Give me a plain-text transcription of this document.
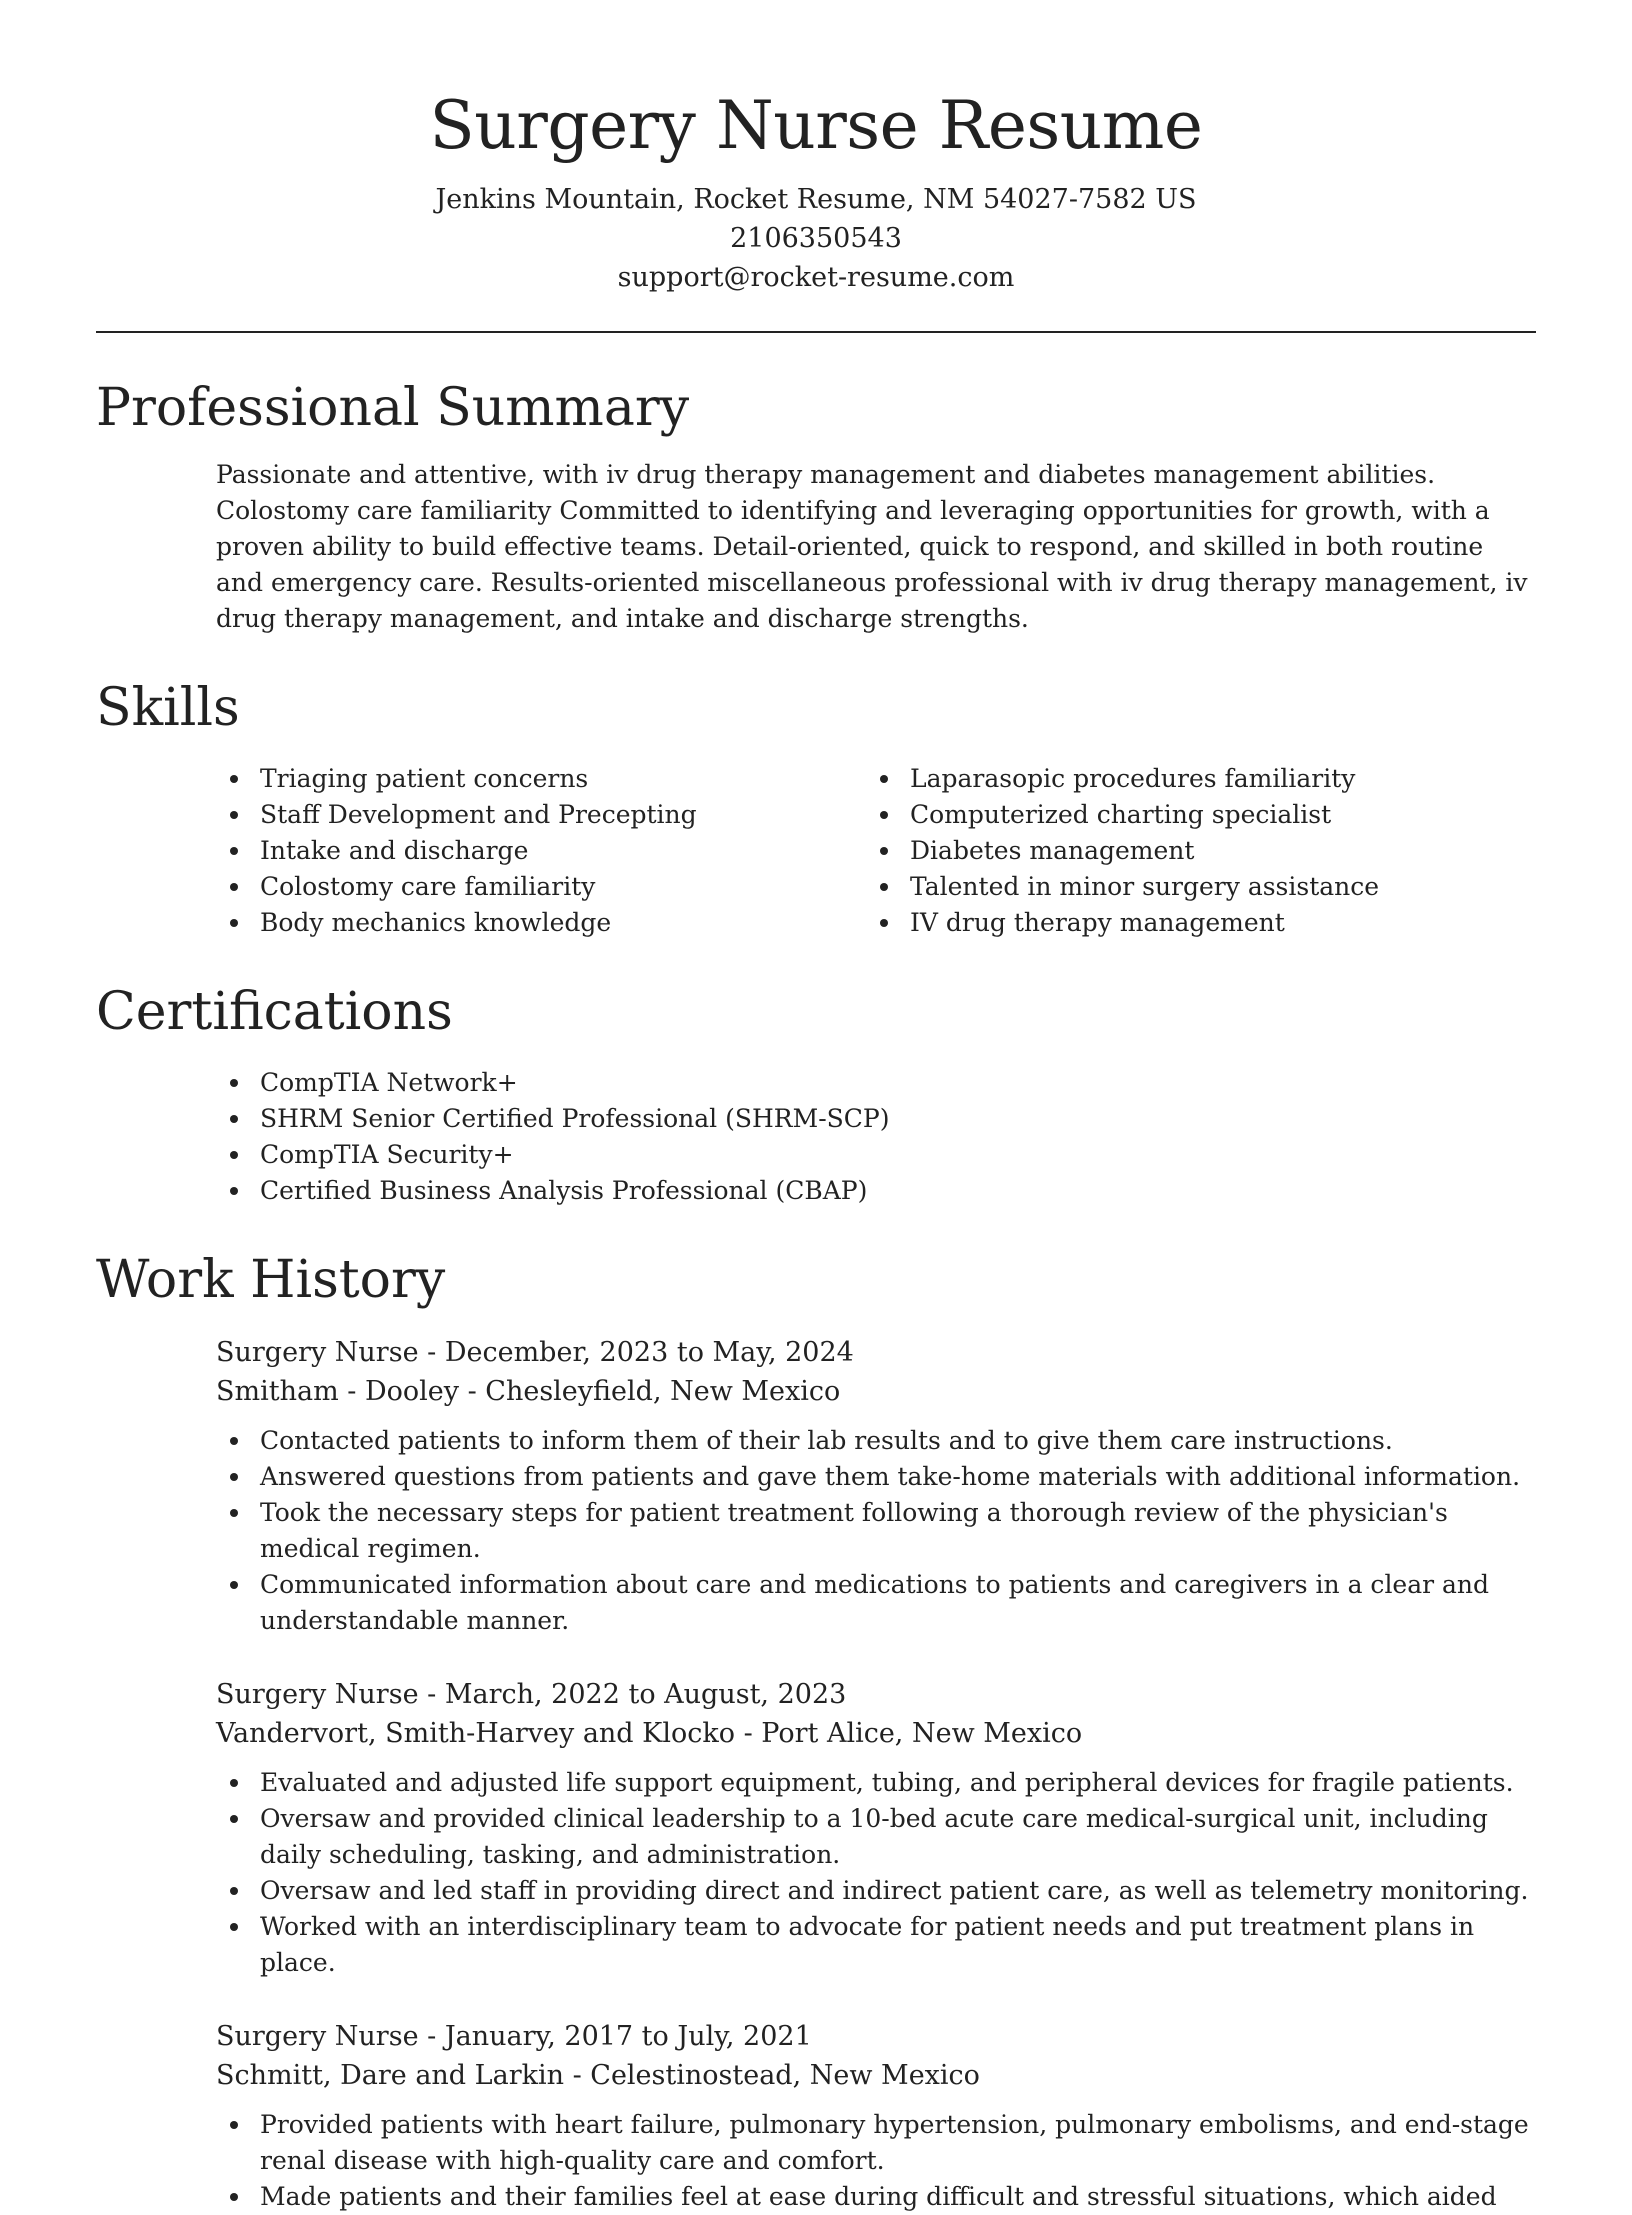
Surgery Nurse Resume
Jenkins Mountain, Rocket Resume, NM 54027-7582 US
2106350543
support@rocket-resume.com
Professional Summary

Passionate and attentive, with iv drug therapy management and diabetes management abilities. Colostomy care familiarity Committed to identifying and leveraging opportunities for growth, with a proven ability to build effective teams. Detail-oriented, quick to respond, and skilled in both routine and emergency care. Results-oriented miscellaneous professional with iv drug therapy management, iv drug therapy management, and intake and discharge strengths.

Skills
Triaging patient concerns
Staff Development and Precepting
Intake and discharge
Colostomy care familiarity
Body mechanics knowledge
Laparasopic procedures familiarity
Computerized charting specialist
Diabetes management
Talented in minor surgery assistance
IV drug therapy management
Certifications
CompTIA Network+
SHRM Senior Certified Professional (SHRM-SCP)
CompTIA Security+
Certified Business Analysis Professional (CBAP)
Work History
Surgery Nurse - December, 2023 to May, 2024
Smitham - Dooley - Chesleyfield, New Mexico
Contacted patients to inform them of their lab results and to give them care instructions.
Answered questions from patients and gave them take-home materials with additional information.
Took the necessary steps for patient treatment following a thorough review of the physician's medical regimen.
Communicated information about care and medications to patients and caregivers in a clear and understandable manner.
Surgery Nurse - March, 2022 to August, 2023
Vandervort, Smith-Harvey and Klocko - Port Alice, New Mexico
Evaluated and adjusted life support equipment, tubing, and peripheral devices for fragile patients.
Oversaw and provided clinical leadership to a 10-bed acute care medical-surgical unit, including daily scheduling, tasking, and administration.
Oversaw and led staff in providing direct and indirect patient care, as well as telemetry monitoring.
Worked with an interdisciplinary team to advocate for patient needs and put treatment plans in place.
Surgery Nurse - January, 2017 to July, 2021
Schmitt, Dare and Larkin - Celestinostead, New Mexico
Provided patients with heart failure, pulmonary hypertension, pulmonary embolisms, and end-stage renal disease with high-quality care and comfort.
Made patients and their families feel at ease during difficult and stressful situations, which aided
